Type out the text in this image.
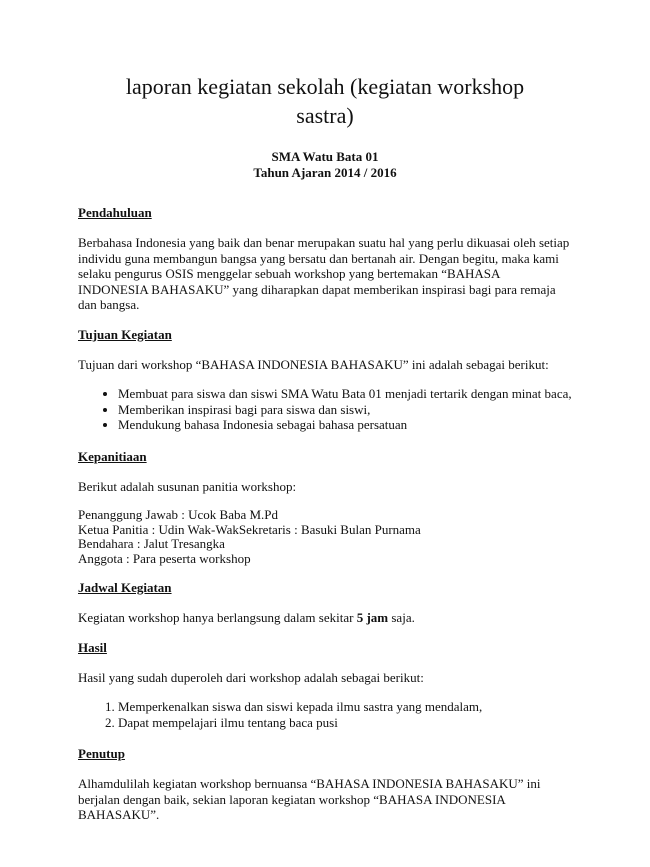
laporan kegiatan sekolah (kegiatan workshop sastra)
SMA Watu Bata 01
Tahun Ajaran 2014 / 2016
Pendahuluan

Berbahasa Indonesia yang baik dan benar merupakan suatu hal yang perlu dikuasai oleh setiap individu guna membangun bangsa yang bersatu dan bertanah air. Dengan begitu, maka kami selaku pengurus OSIS menggelar sebuah workshop yang bertemakan “BAHASA INDONESIA BAHASAKU” yang diharapkan dapat memberikan inspirasi bagi para remaja dan bangsa.

Tujuan Kegiatan

Tujuan dari workshop “BAHASA INDONESIA BAHASAKU” ini adalah sebagai berikut:

• Membuat para siswa dan siswi SMA Watu Bata 01 menjadi tertarik dengan minat baca,
• Memberikan inspirasi bagi para siswa dan siswi,
• Mendukung bahasa Indonesia sebagai bahasa persatuan
Kepanitiaan

Berikut adalah susunan panitia workshop:

Penanggung Jawab : Ucok Baba M.Pd
Ketua Panitia : Udin Wak-WakSekretaris : Basuki Bulan Purnama
Bendahara : Jalut Tresangka
Anggota : Para peserta workshop
Jadwal Kegiatan

Kegiatan workshop hanya berlangsung dalam sekitar 5 jam saja.

Hasil

Hasil yang sudah duperoleh dari workshop adalah sebagai berikut:

1. Memperkenalkan siswa dan siswi kepada ilmu sastra yang mendalam,
2. Dapat mempelajari ilmu tentang baca pusi
Penutup

Alhamdulilah kegiatan workshop bernuansa “BAHASA INDONESIA BAHASAKU” ini berjalan dengan baik, sekian laporan kegiatan workshop “BAHASA INDONESIA BAHASAKU”.
